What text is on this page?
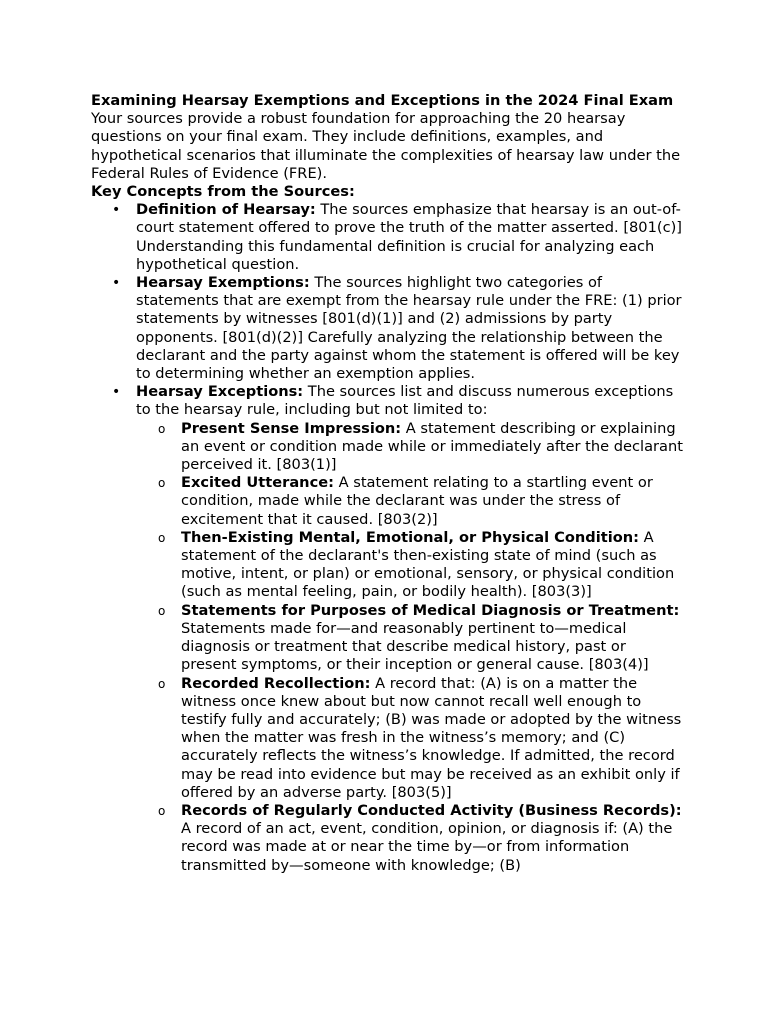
Examining Hearsay Exemptions and Exceptions in the 2024 Final Exam

Your sources provide a robust foundation for approaching the 20 hearsay questions on your final exam. They include definitions, examples, and hypothetical scenarios that illuminate the complexities of hearsay law under the Federal Rules of Evidence (FRE).

Key Concepts from the Sources:

• Definition of Hearsay: The sources emphasize that hearsay is an out-of-court statement offered to prove the truth of the matter asserted. [801(c)] Understanding this fundamental definition is crucial for analyzing each hypothetical question.
• Hearsay Exemptions: The sources highlight two categories of statements that are exempt from the hearsay rule under the FRE: (1) prior statements by witnesses [801(d)(1)] and (2) admissions by party opponents. [801(d)(2)] Carefully analyzing the relationship between the declarant and the party against whom the statement is offered will be key to determining whether an exemption applies.
• Hearsay Exceptions: The sources list and discuss numerous exceptions to the hearsay rule, including but not limited to:
o Present Sense Impression: A statement describing or explaining an event or condition made while or immediately after the declarant perceived it. [803(1)]
o Excited Utterance: A statement relating to a startling event or condition, made while the declarant was under the stress of excitement that it caused. [803(2)]
o Then-Existing Mental, Emotional, or Physical Condition: A statement of the declarant's then-existing state of mind (such as motive, intent, or plan) or emotional, sensory, or physical condition (such as mental feeling, pain, or bodily health). [803(3)]
o Statements for Purposes of Medical Diagnosis or Treatment: Statements made for—and reasonably pertinent to—medical diagnosis or treatment that describe medical history, past or present symptoms, or their inception or general cause. [803(4)]
o Recorded Recollection: A record that: (A) is on a matter the witness once knew about but now cannot recall well enough to testify fully and accurately; (B) was made or adopted by the witness when the matter was fresh in the witness’s memory; and (C) accurately reflects the witness’s knowledge. If admitted, the record may be read into evidence but may be received as an exhibit only if offered by an adverse party. [803(5)]
o Records of Regularly Conducted Activity (Business Records): A record of an act, event, condition, opinion, or diagnosis if: (A) the record was made at or near the time by—or from information transmitted by—someone with knowledge; (B)
